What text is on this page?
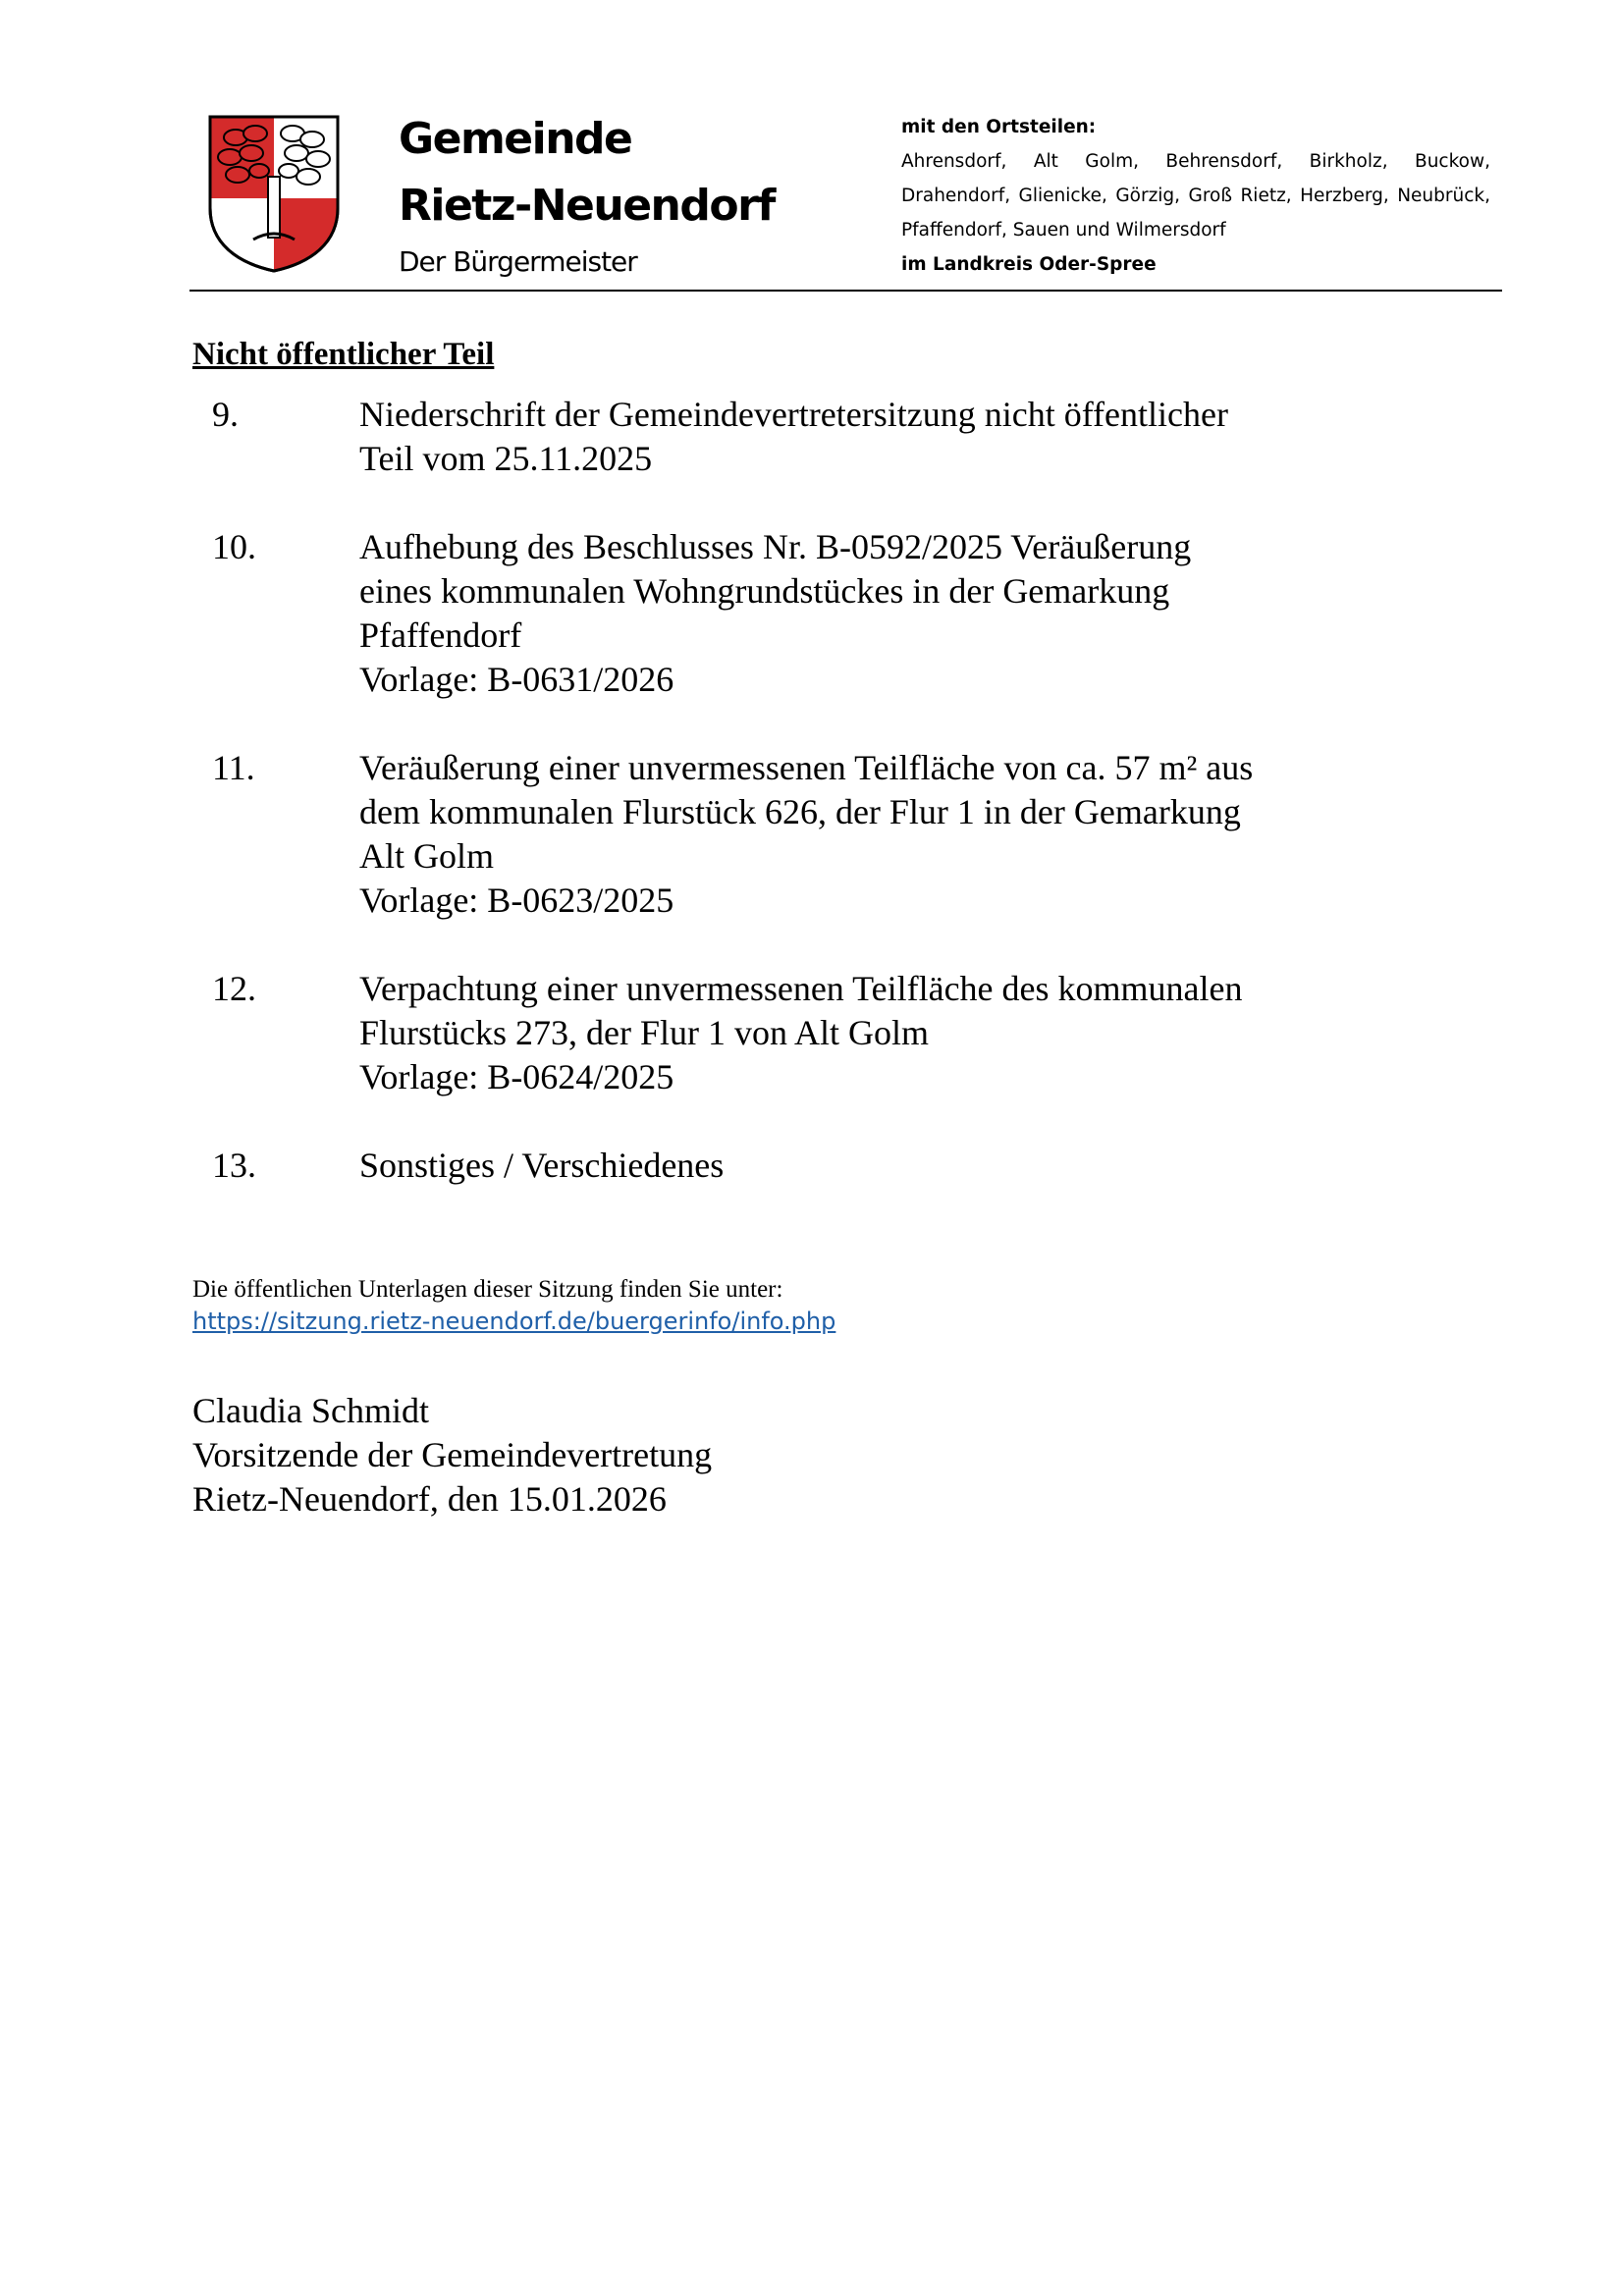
Gemeinde
Rietz-Neuendorf
Der Bürgermeister
mit den Ortsteilen:
Ahrensdorf, Alt Golm, Behrensdorf, Birkholz, Buckow,
Drahendorf, Glienicke, Görzig, Groß Rietz, Herzberg, Neubrück,
Pfaffendorf, Sauen und Wilmersdorf
im Landkreis Oder-Spree
Nicht öffentlicher Teil
9.	Niederschrift der Gemeindevertretersitzung nicht öffentlicher
Teil vom 25.11.2025
10.	Aufhebung des Beschlusses Nr. B-0592/2025 Veräußerung
eines kommunalen Wohngrundstückes in der Gemarkung
Pfaffendorf
Vorlage: B-0631/2026
11.	Veräußerung einer unvermessenen Teilfläche von ca. 57 m² aus
dem kommunalen Flurstück 626, der Flur 1 in der Gemarkung
Alt Golm
Vorlage: B-0623/2025
12.	Verpachtung einer unvermessenen Teilfläche des kommunalen
Flurstücks 273, der Flur 1 von Alt Golm
Vorlage: B-0624/2025
13.	Sonstiges / Verschiedenes
Die öffentlichen Unterlagen dieser Sitzung finden Sie unter:
https://sitzung.rietz-neuendorf.de/buergerinfo/info.php
Claudia Schmidt
Vorsitzende der Gemeindevertretung
Rietz-Neuendorf, den 15.01.2026
